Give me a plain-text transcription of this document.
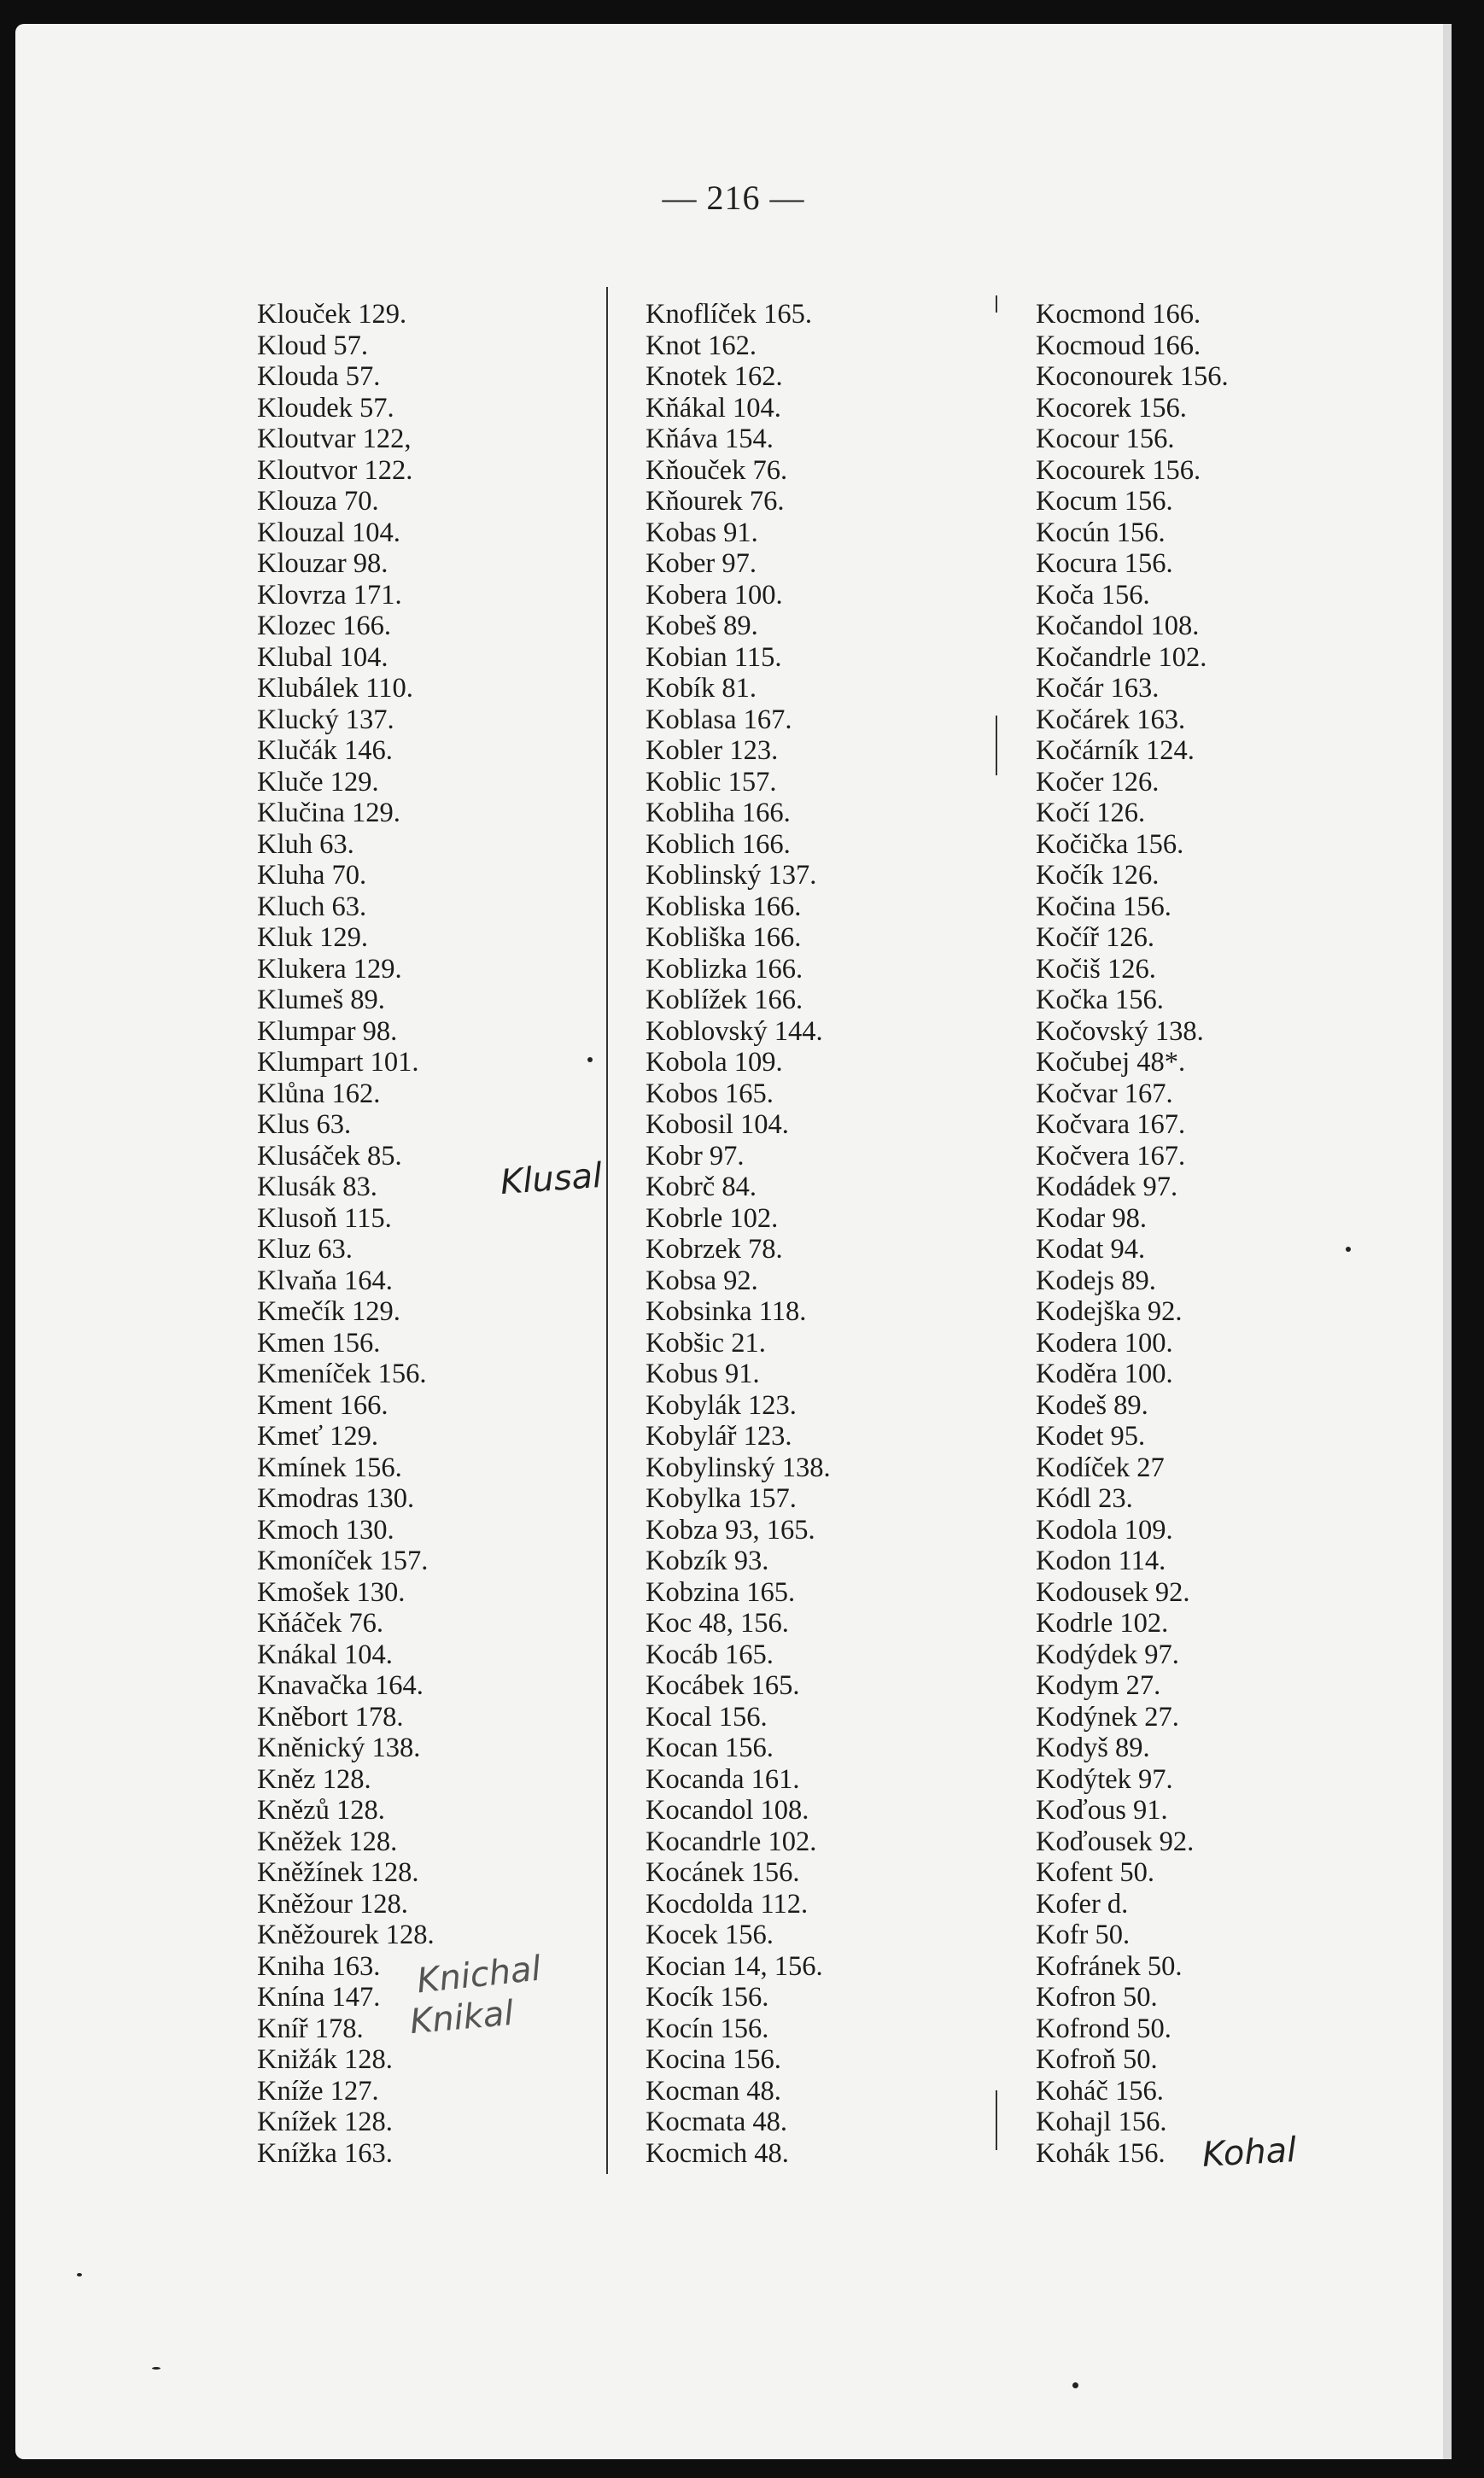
— 216 —
Klouček 129.
Kloud 57.
Klouda 57.
Kloudek 57.
Kloutvar 122,
Kloutvor 122.
Klouza 70.
Klouzal 104.
Klouzar 98.
Klovrza 171.
Klozec 166.
Klubal 104.
Klubálek 110.
Klucký 137.
Klučák 146.
Kluče 129.
Klučina 129.
Kluh 63.
Kluha 70.
Kluch 63.
Kluk 129.
Klukera 129.
Klumeš 89.
Klumpar 98.
Klumpart 101.
Klůna 162.
Klus 63.
Klusáček 85.
Klusák 83.
Klusoň 115.
Kluz 63.
Klvaňa 164.
Kmečík 129.
Kmen 156.
Kmeníček 156.
Kment 166.
Kmeť 129.
Kmínek 156.
Kmodras 130.
Kmoch 130.
Kmoníček 157.
Kmošek 130.
Kňáček 76.
Knákal 104.
Knavačka 164.
Kněbort 178.
Kněnický 138.
Kněz 128.
Knězů 128.
Kněžek 128.
Kněžínek 128.
Kněžour 128.
Kněžourek 128.
Kniha 163.
Knína 147.
Kníř 178.
Knižák 128.
Kníže 127.
Knížek 128.
Knížka 163.
Knoflíček 165.
Knot 162.
Knotek 162.
Kňákal 104.
Kňáva 154.
Kňouček 76.
Kňourek 76.
Kobas 91.
Kober 97.
Kobera 100.
Kobeš 89.
Kobian 115.
Kobík 81.
Koblasa 167.
Kobler 123.
Koblic 157.
Kobliha 166.
Koblich 166.
Koblinský 137.
Kobliska 166.
Kobliška 166.
Koblizka 166.
Koblížek 166.
Koblovský 144.
Kobola 109.
Kobos 165.
Kobosil 104.
Kobr 97.
Kobrč 84.
Kobrle 102.
Kobrzek 78.
Kobsa 92.
Kobsinka 118.
Kobšic 21.
Kobus 91.
Kobylák 123.
Kobylář 123.
Kobylinský 138.
Kobylka 157.
Kobza 93, 165.
Kobzík 93.
Kobzina 165.
Koc 48, 156.
Kocáb 165.
Kocábek 165.
Kocal 156.
Kocan 156.
Kocanda 161.
Kocandol 108.
Kocandrle 102.
Kocánek 156.
Kocdolda 112.
Kocek 156.
Kocian 14, 156.
Kocík 156.
Kocín 156.
Kocina 156.
Kocman 48.
Kocmata 48.
Kocmich 48.
Kocmond 166.
Kocmoud 166.
Koconourek 156.
Kocorek 156.
Kocour 156.
Kocourek 156.
Kocum 156.
Kocún 156.
Kocura 156.
Koča 156.
Kočandol 108.
Kočandrle 102.
Kočár 163.
Kočárek 163.
Kočárník 124.
Kočer 126.
Kočí 126.
Kočička 156.
Kočík 126.
Kočina 156.
Kočíř 126.
Kočiš 126.
Kočka 156.
Kočovský 138.
Kočubej 48*.
Kočvar 167.
Kočvara 167.
Kočvera 167.
Kodádek 97.
Kodar 98.
Kodat 94.
Kodejs 89.
Kodejška 92.
Kodera 100.
Koděra 100.
Kodeš 89.
Kodet 95.
Kodíček 27
Kódl 23.
Kodola 109.
Kodon 114.
Kodousek 92.
Kodrle 102.
Kodýdek 97.
Kodym 27.
Kodýnek 27.
Kodyš 89.
Kodýtek 97.
Koďous 91.
Koďousek 92.
Kofent 50.
Kofer d.
Kofr 50.
Kofránek 50.
Kofron 50.
Kofrond 50.
Kofroň 50.
Koháč 156.
Kohajl 156.
Kohák 156.
Klusal
Knichal
Knikal
Kohal
